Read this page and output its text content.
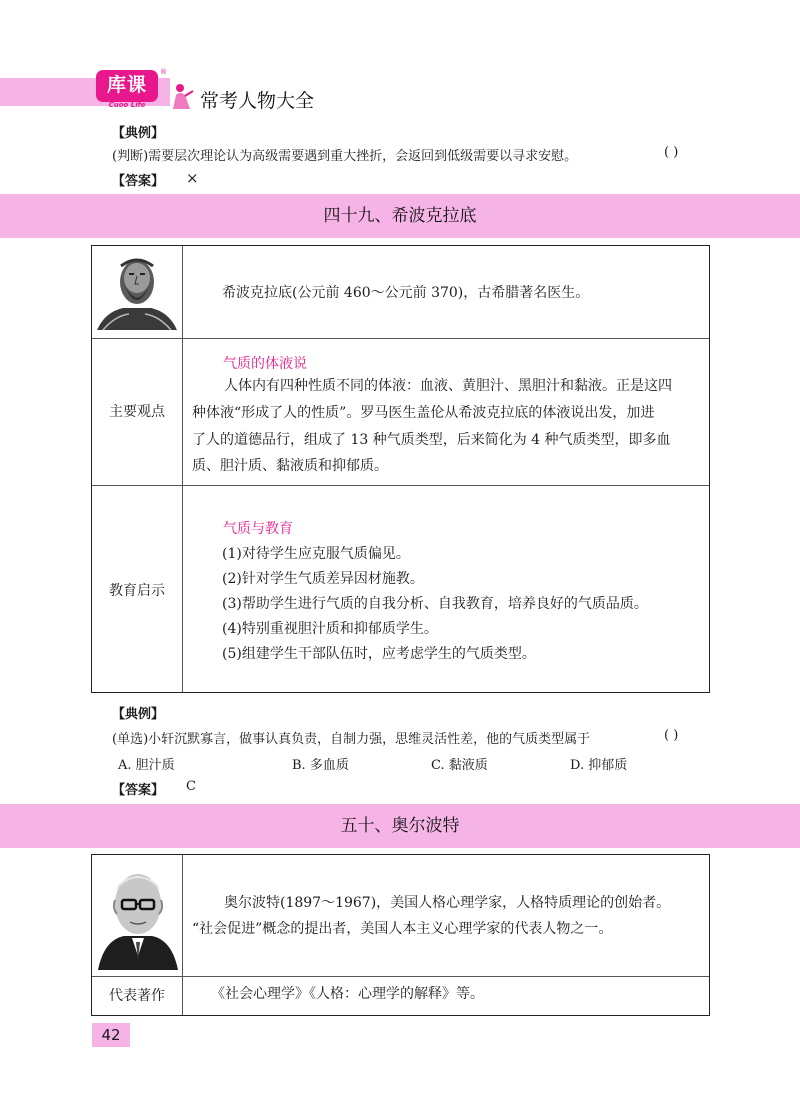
库课
Cuoo Life
®
常考人物大全
【典例】
(判断)需要层次理论认为高级需要遇到重大挫折，会返回到低级需要以寻求安慰。	( )
【答案】 ×
四十九、希波克拉底
希波克拉底(公元前 460～公元前 370)，古希腊著名医生。
主要观点
气质的体液说
人体内有四种性质不同的体液：血液、黄胆汁、黑胆汁和黏液。正是这四
种体液“形成了人的性质”。罗马医生盖伦从希波克拉底的体液说出发，加进
了人的道德品行，组成了 13 种气质类型，后来简化为 4 种气质类型，即多血
质、胆汁质、黏液质和抑郁质。
教育启示
气质与教育
(1)对待学生应克服气质偏见。
(2)针对学生气质差异因材施教。
(3)帮助学生进行气质的自我分析、自我教育，培养良好的气质品质。
(4)特别重视胆汁质和抑郁质学生。
(5)组建学生干部队伍时，应考虑学生的气质类型。
【典例】
(单选)小轩沉默寡言，做事认真负责，自制力强，思维灵活性差，他的气质类型属于	( )
A. 胆汁质	B. 多血质	C. 黏液质	D. 抑郁质
【答案】 C
五十、奥尔波特
奥尔波特(1897～1967)，美国人格心理学家，人格特质理论的创始者。
“社会促进”概念的提出者，美国人本主义心理学家的代表人物之一。
代表著作	《社会心理学》《人格：心理学的解释》等。
42
